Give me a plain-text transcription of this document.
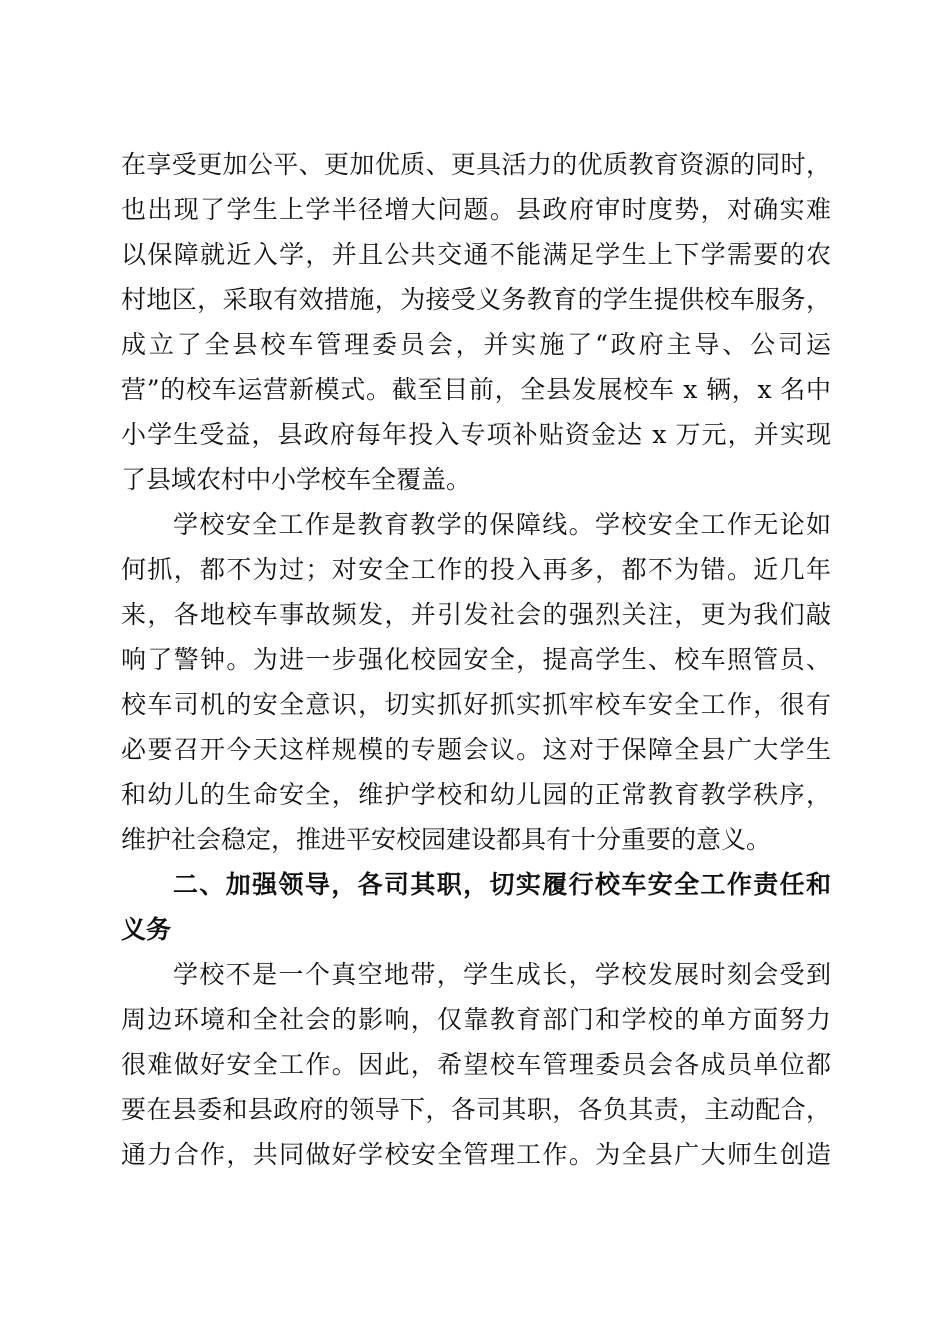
在享受更加公平、更加优质、更具活力的优质教育资源的同时，
也出现了学生上学半径增大问题。县政府审时度势，对确实难
以保障就近入学，并且公共交通不能满足学生上下学需要的农
村地区，采取有效措施，为接受义务教育的学生提供校车服务，
成立了全县校车管理委员会，并实施了“政府主导、公司运
营”的校车运营新模式。截至目前，全县发展校车 x 辆，x 名中
小学生受益，县政府每年投入专项补贴资金达 x 万元，并实现
了县域农村中小学校车全覆盖。
学校安全工作是教育教学的保障线。学校安全工作无论如
何抓，都不为过；对安全工作的投入再多，都不为错。近几年
来，各地校车事故频发，并引发社会的强烈关注，更为我们敲
响了警钟。为进一步强化校园安全，提高学生、校车照管员、
校车司机的安全意识，切实抓好抓实抓牢校车安全工作，很有
必要召开今天这样规模的专题会议。这对于保障全县广大学生
和幼儿的生命安全，维护学校和幼儿园的正常教育教学秩序，
维护社会稳定，推进平安校园建设都具有十分重要的意义。
二、加强领导，各司其职，切实履行校车安全工作责任和
义务
学校不是一个真空地带，学生成长，学校发展时刻会受到
周边环境和全社会的影响，仅靠教育部门和学校的单方面努力
很难做好安全工作。因此，希望校车管理委员会各成员单位都
要在县委和县政府的领导下，各司其职，各负其责，主动配合，
通力合作，共同做好学校安全管理工作。为全县广大师生创造
